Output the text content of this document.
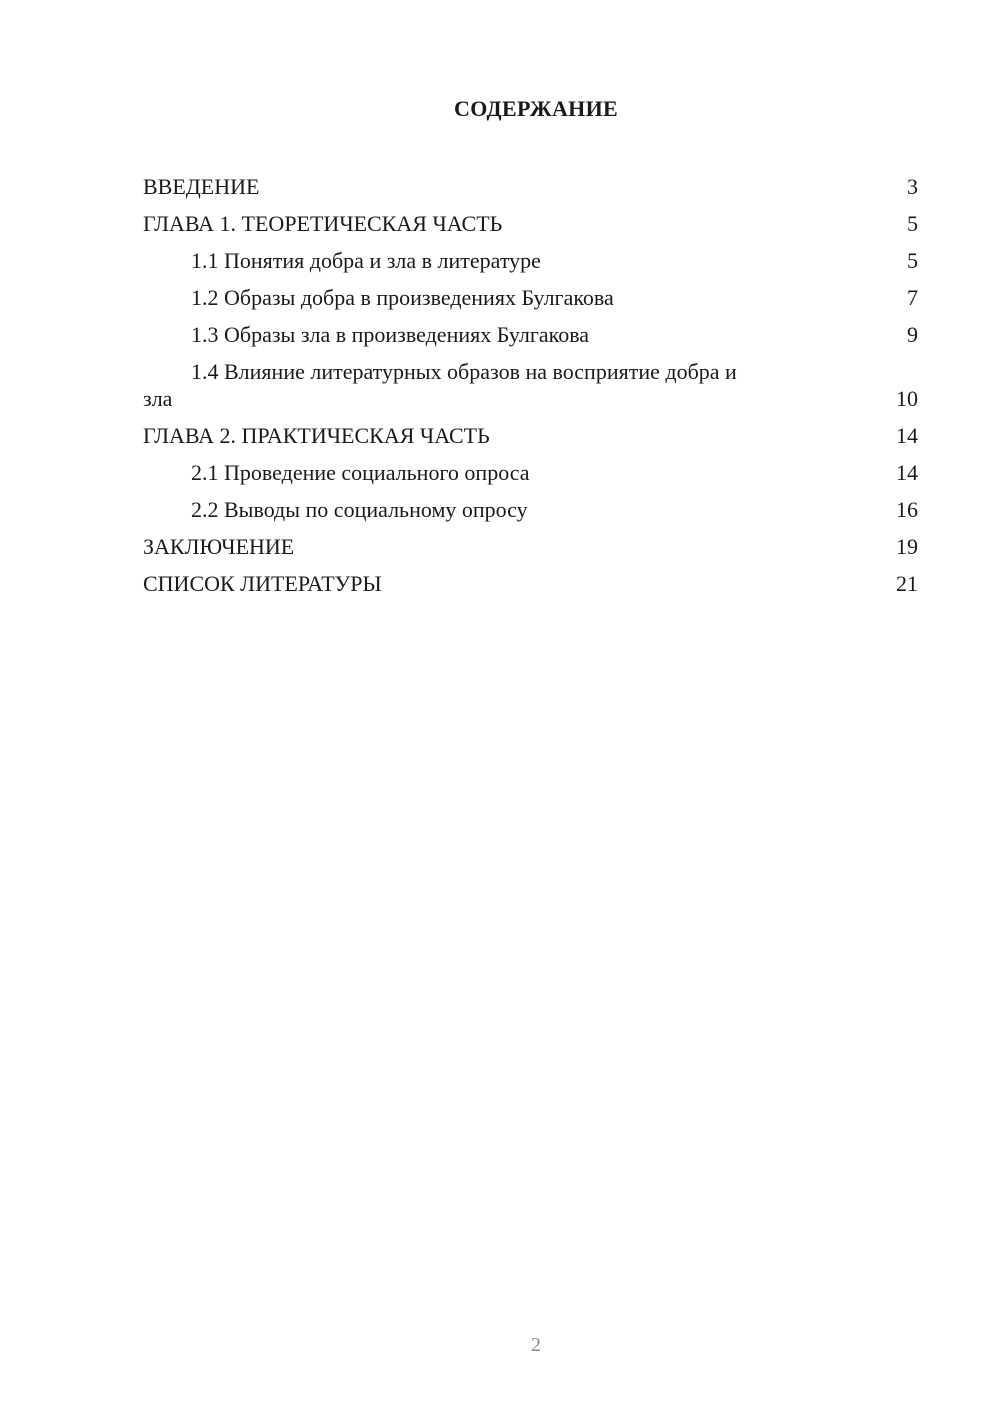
СОДЕРЖАНИЕ
ВВЕДЕНИЕ	3
ГЛАВА 1. ТЕОРЕТИЧЕСКАЯ ЧАСТЬ	5
1.1 Понятия добра и зла в литературе	5
1.2 Образы добра в произведениях Булгакова	7
1.3 Образы зла в произведениях Булгакова	9
1.4 Влияние литературных образов на восприятие добра и
зла	10
ГЛАВА 2. ПРАКТИЧЕСКАЯ ЧАСТЬ	14
2.1 Проведение социального опроса	14
2.2 Выводы по социальному опросу	16
ЗАКЛЮЧЕНИЕ	19
СПИСОК ЛИТЕРАТУРЫ	21
2
